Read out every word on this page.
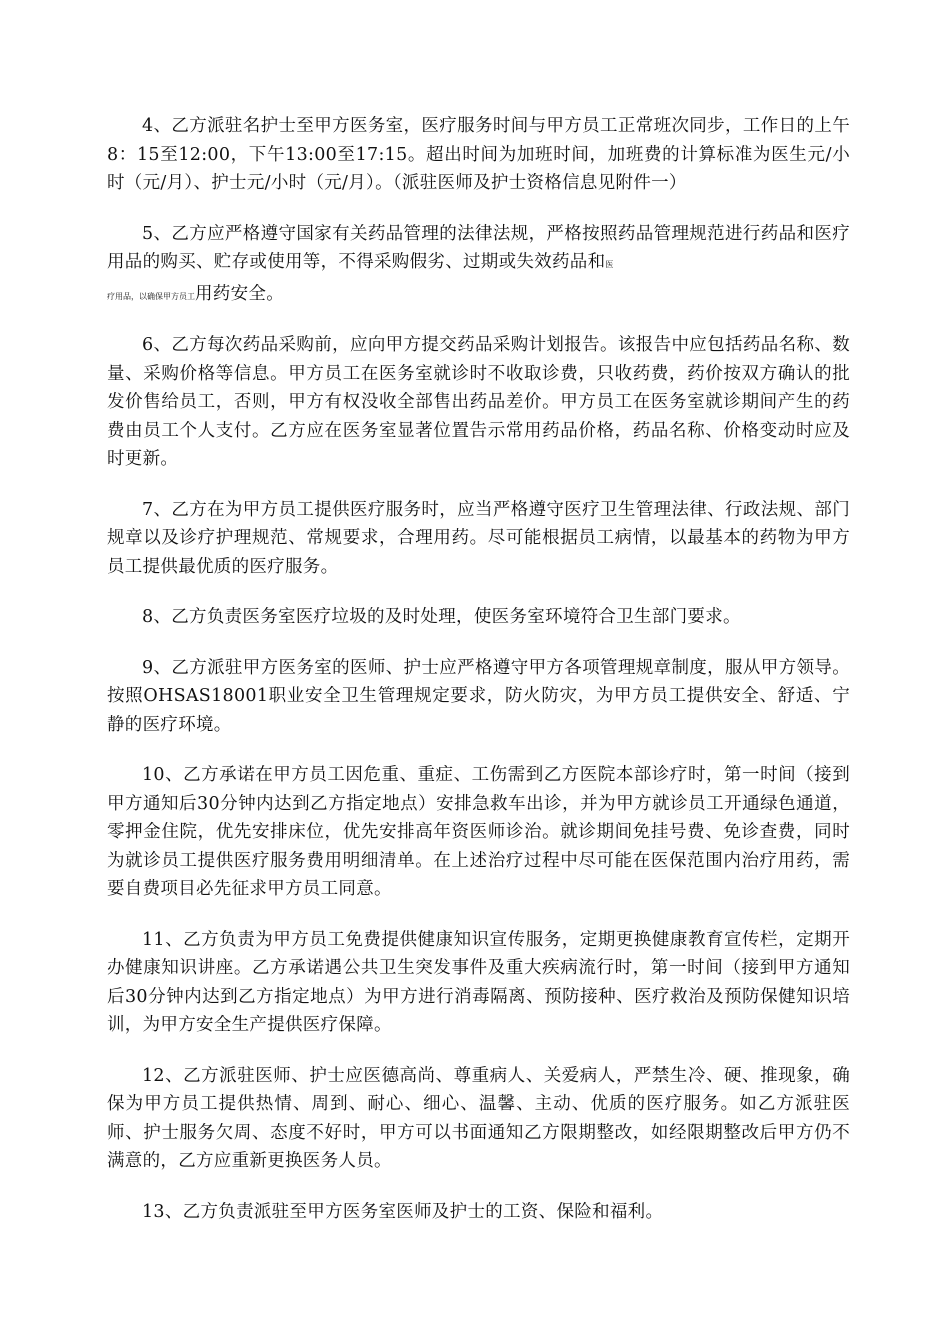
4、乙方派驻名护士至甲方医务室，医疗服务时间与甲方员工正常班次同步，工作日的上午8：15至12:00，下午13:00至17:15。超出时间为加班时间，加班费的计算标准为医生元/小时（元/月）、护士元/小时（元/月）。（派驻医师及护士资格信息见附件一）

5、乙方应严格遵守国家有关药品管理的法律法规，严格按照药品管理规范进行药品和医疗用品的购买、贮存或使用等，不得采购假劣、过期或失效药品和医
疗用品，以确保甲方员工用药安全。

6、乙方每次药品采购前，应向甲方提交药品采购计划报告。该报告中应包括药品名称、数量、采购价格等信息。甲方员工在医务室就诊时不收取诊费，只收药费，药价按双方确认的批发价售给员工，否则，甲方有权没收全部售出药品差价。甲方员工在医务室就诊期间产生的药费由员工个人支付。乙方应在医务室显著位置告示常用药品价格，药品名称、价格变动时应及时更新。

7、乙方在为甲方员工提供医疗服务时，应当严格遵守医疗卫生管理法律、行政法规、部门规章以及诊疗护理规范、常规要求，合理用药。尽可能根据员工病情，以最基本的药物为甲方员工提供最优质的医疗服务。

8、乙方负责医务室医疗垃圾的及时处理，使医务室环境符合卫生部门要求。

9、乙方派驻甲方医务室的医师、护士应严格遵守甲方各项管理规章制度，服从甲方领导。按照OHSAS18001职业安全卫生管理规定要求，防火防灾，为甲方员工提供安全、舒适、宁静的医疗环境。

10、乙方承诺在甲方员工因危重、重症、工伤需到乙方医院本部诊疗时，第一时间（接到甲方通知后30分钟内达到乙方指定地点）安排急救车出诊，并为甲方就诊员工开通绿色通道，零押金住院，优先安排床位，优先安排高年资医师诊治。就诊期间免挂号费、免诊查费，同时为就诊员工提供医疗服务费用明细清单。在上述治疗过程中尽可能在医保范围内治疗用药，需要自费项目必先征求甲方员工同意。

11、乙方负责为甲方员工免费提供健康知识宣传服务，定期更换健康教育宣传栏，定期开办健康知识讲座。乙方承诺遇公共卫生突发事件及重大疾病流行时，第一时间（接到甲方通知后30分钟内达到乙方指定地点）为甲方进行消毒隔离、预防接种、医疗救治及预防保健知识培训，为甲方安全生产提供医疗保障。

12、乙方派驻医师、护士应医德高尚、尊重病人、关爱病人，严禁生冷、硬、推现象，确保为甲方员工提供热情、周到、耐心、细心、温馨、主动、优质的医疗服务。如乙方派驻医师、护士服务欠周、态度不好时，甲方可以书面通知乙方限期整改，如经限期整改后甲方仍不满意的，乙方应重新更换医务人员。

13、乙方负责派驻至甲方医务室医师及护士的工资、保险和福利。
